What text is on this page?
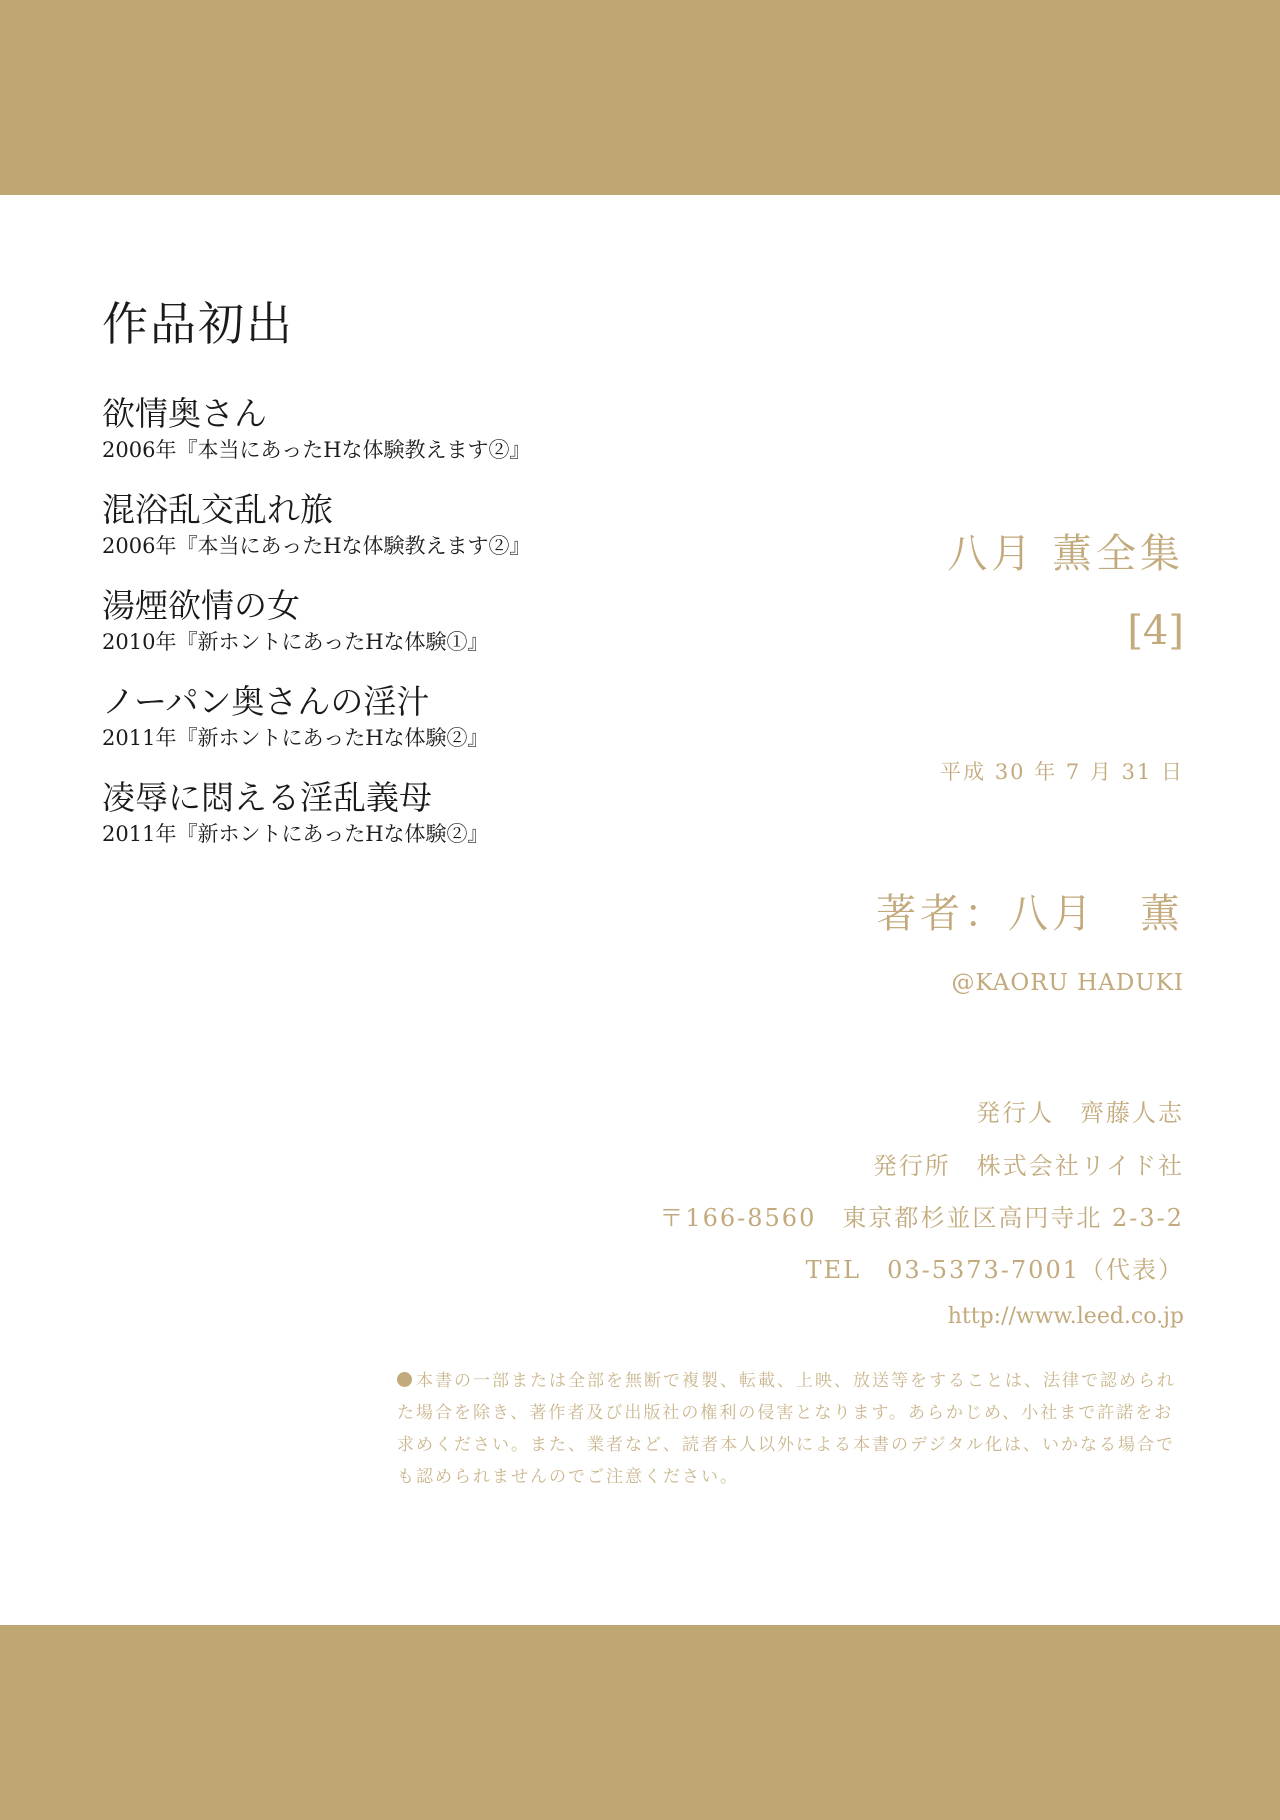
作品初出
欲情奥さん
2006年『本当にあったHな体験教えます②』
混浴乱交乱れ旅
2006年『本当にあったHな体験教えます②』
湯煙欲情の女
2010年『新ホントにあったHな体験①』
ノーパン奥さんの淫汁
2011年『新ホントにあったHな体験②』
凌辱に悶える淫乱義母
2011年『新ホントにあったHな体験②』
八月 薫全集
[4]
平成 30 年 7 月 31 日
著者：八月　薫
@KAORU HADUKI
発行人　齊藤人志
発行所　株式会社リイド社
〒166-8560　東京都杉並区高円寺北 2-3-2
TEL　03-5373-7001（代表）
http://www.leed.co.jp
本書の一部または全部を無断で複製、転載、上映、放送等をすることは、法律で認められた場合を除き、著作者及び出版社の権利の侵害となります。あらかじめ、小社まで許諾をお求めください。また、業者など、読者本人以外による本書のデジタル化は、いかなる場合でも認められませんのでご注意ください。
